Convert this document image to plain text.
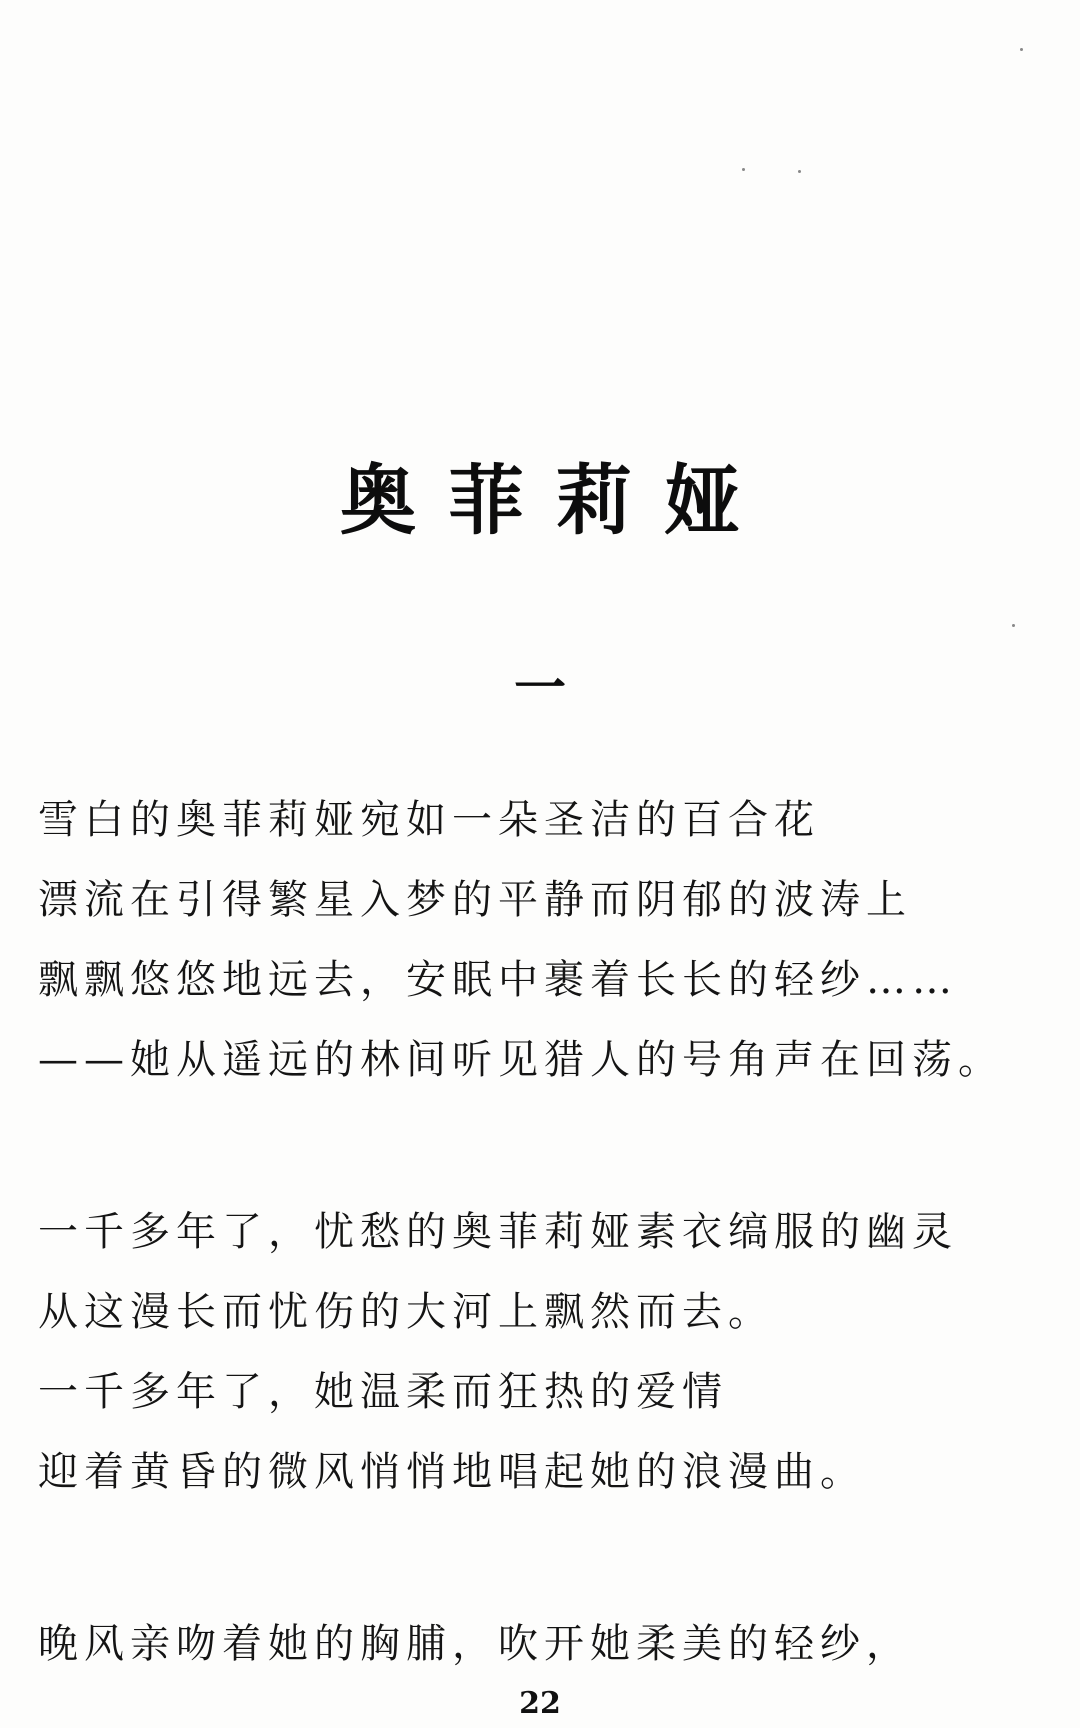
奥菲莉娅
一
雪白的奥菲莉娅宛如一朵圣洁的百合花
漂流在引得繁星入梦的平静而阴郁的波涛上
飘飘悠悠地远去，安眠中裹着长长的轻纱……
——她从遥远的林间听见猎人的号角声在回荡。
一千多年了，忧愁的奥菲莉娅素衣缟服的幽灵
从这漫长而忧伤的大河上飘然而去。
一千多年了，她温柔而狂热的爱情
迎着黄昏的微风悄悄地唱起她的浪漫曲。
晚风亲吻着她的胸脯，吹开她柔美的轻纱，
22
